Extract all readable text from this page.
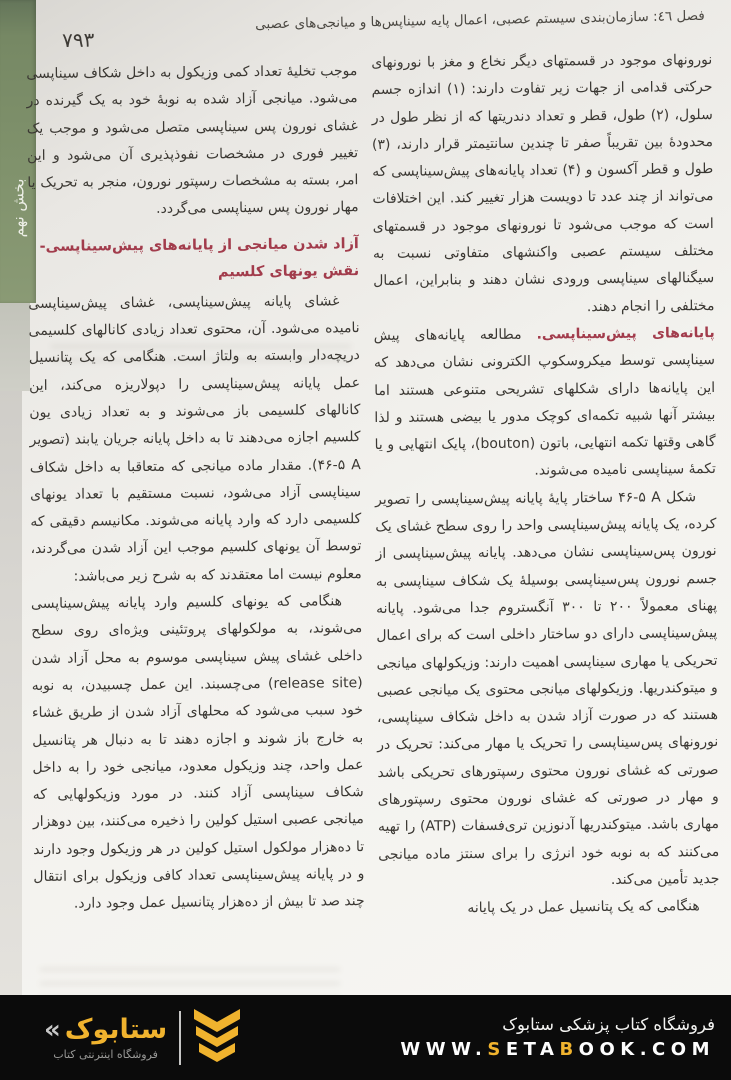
بخش نهم
فصل ٤٦: سازمان‌بندی سیستم عصبی، اعمال پایه سیناپس‌ها و میانجی‌های عصبی
۷۹۳

نورونهای موجود در قسمتهای دیگر نخاع و مغز با نورونهای حرکتی قدامی از جهات زیر تفاوت دارند: (۱) اندازه جسم سلول، (۲) طول، قطر و تعداد دندریتها که از نظر طول در محدودهٔ بین تقریباً صفر تا چندین سانتیمتر قرار دارند، (۳) طول و قطر آکسون و (۴) تعداد پایانه‌های پیش‌سیناپسی که می‌تواند از چند عدد تا دویست هزار تغییر کند. این اختلافات است که موجب می‌شود تا نورونهای موجود در قسمتهای مختلف سیستم عصبی واکنشهای متفاوتی نسبت به سیگنالهای سیناپسی ورودی نشان دهند و بنابراین، اعمال مختلفی را انجام دهند.

پایانه‌های پیش‌سیناپسی. مطالعه پایانه‌های پیش سیناپسی توسط میکروسکوپ الکترونی نشان می‌دهد که این پایانه‌ها دارای شکلهای تشریحی متنوعی هستند اما بیشتر آنها شبیه تکمه‌ای کوچک مدور یا بیضی هستند و لذا گاهی وقتها تکمه انتهایی، باتون (bouton)، پایک انتهایی و یا تکمهٔ سیناپسی نامیده می‌شوند.

شکل A‏ ۴۶-۵ ساختار پایهٔ پایانه پیش‌سیناپسی را تصویر کرده، یک پایانه پیش‌سیناپسی واحد را روی سطح غشای یک نورون پس‌سیناپسی نشان می‌دهد. پایانه پیش‌سیناپسی از جسم نورون پس‌سیناپسی بوسیلهٔ یک شکاف سیناپسی به پهنای معمولاً ۲۰۰ تا ۳۰۰ آنگستروم جدا می‌شود. پایانه پیش‌سیناپسی دارای دو ساختار داخلی است که برای اعمال تحریکی یا مهاری سیناپسی اهمیت دارند: وزیکولهای میانجی و میتوکندریها. وزیکولهای میانجی محتوی یک میانجی عصبی هستند که در صورت آزاد شدن به داخل شکاف سیناپسی، نورونهای پس‌سیناپسی را تحریک یا مهار می‌کند: تحریک در صورتی که غشای نورون محتوی رسپتورهای تحریکی باشد و مهار در صورتی که غشای نورون محتوی رسپتورهای مهاری باشد. میتوکندریها آدنوزین تری‌فسفات (ATP) را تهیه می‌کنند که به نوبه خود انرژی را برای سنتز ماده میانجی جدید تأمین می‌کند.

هنگامی که یک پتانسیل عمل در یک پایانه

موجب تخلیهٔ تعداد کمی وزیکول به داخل شکاف سیناپسی می‌شود. میانجی آزاد شده به نوبهٔ خود به یک گیرنده در غشای نورون پس سیناپسی متصل می‌شود و موجب یک تغییر فوری در مشخصات نفوذپذیری آن می‌شود و این امر، بسته به مشخصات رسپتور نورون، منجر به تحریک یا مهار نورون پس سیناپسی می‌گردد.

آزاد شدن میانجی از پایانه‌های پیش‌سیناپسی- نقش یونهای کلسیم

غشای پایانه پیش‌سیناپسی، غشای پیش‌سیناپسی نامیده می‌شود. آن، محتوی تعداد زیادی کانالهای کلسیمی دریچه‌دار وابسته به ولتاژ است. هنگامی که یک پتانسیل عمل پایانه پیش‌سیناپسی را دپولاریزه می‌کند، این کانالهای کلسیمی باز می‌شوند و به تعداد زیادی یون کلسیم اجازه می‌دهند تا به داخل پایانه جریان یابند (تصویر A‏ ۴۶-۵). مقدار ماده میانجی که متعاقبا به داخل شکاف سیناپسی آزاد می‌شود، نسبت مستقیم با تعداد یونهای کلسیمی دارد که وارد پایانه می‌شوند. مکانیسم دقیقی که توسط آن یونهای کلسیم موجب این آزاد شدن می‌گردند، معلوم نیست اما معتقدند که به شرح زیر می‌باشد:

هنگامی که یونهای کلسیم وارد پایانه پیش‌سیناپسی می‌شوند، به مولکولهای پروتئینی ویژه‌ای روی سطح داخلی غشای پیش سیناپسی موسوم به محل آزاد شدن (release site) می‌چسبند. این عمل چسبیدن، به نوبه خود سبب می‌شود که محلهای آزاد شدن از طریق غشاء به خارج باز شوند و اجازه دهند تا به دنبال هر پتانسیل عمل واحد، چند وزیکول معدود، میانجی خود را به داخل شکاف سیناپسی آزاد کنند. در مورد وزیکولهایی که میانجی عصبی استیل کولین را ذخیره می‌کنند، بین دوهزار تا ده‌هزار مولکول استیل کولین در هر وزیکول وجود دارند و در پایانه پیش‌سیناپسی تعداد کافی وزیکول برای انتقال چند صد تا بیش از ده‌هزار پتانسیل عمل وجود دارد.

« ستابوک
فروشگاه اینترنتی کتاب
فروشگاه کتاب پزشکی ستابوک
WWW.SETABOOK.COM
